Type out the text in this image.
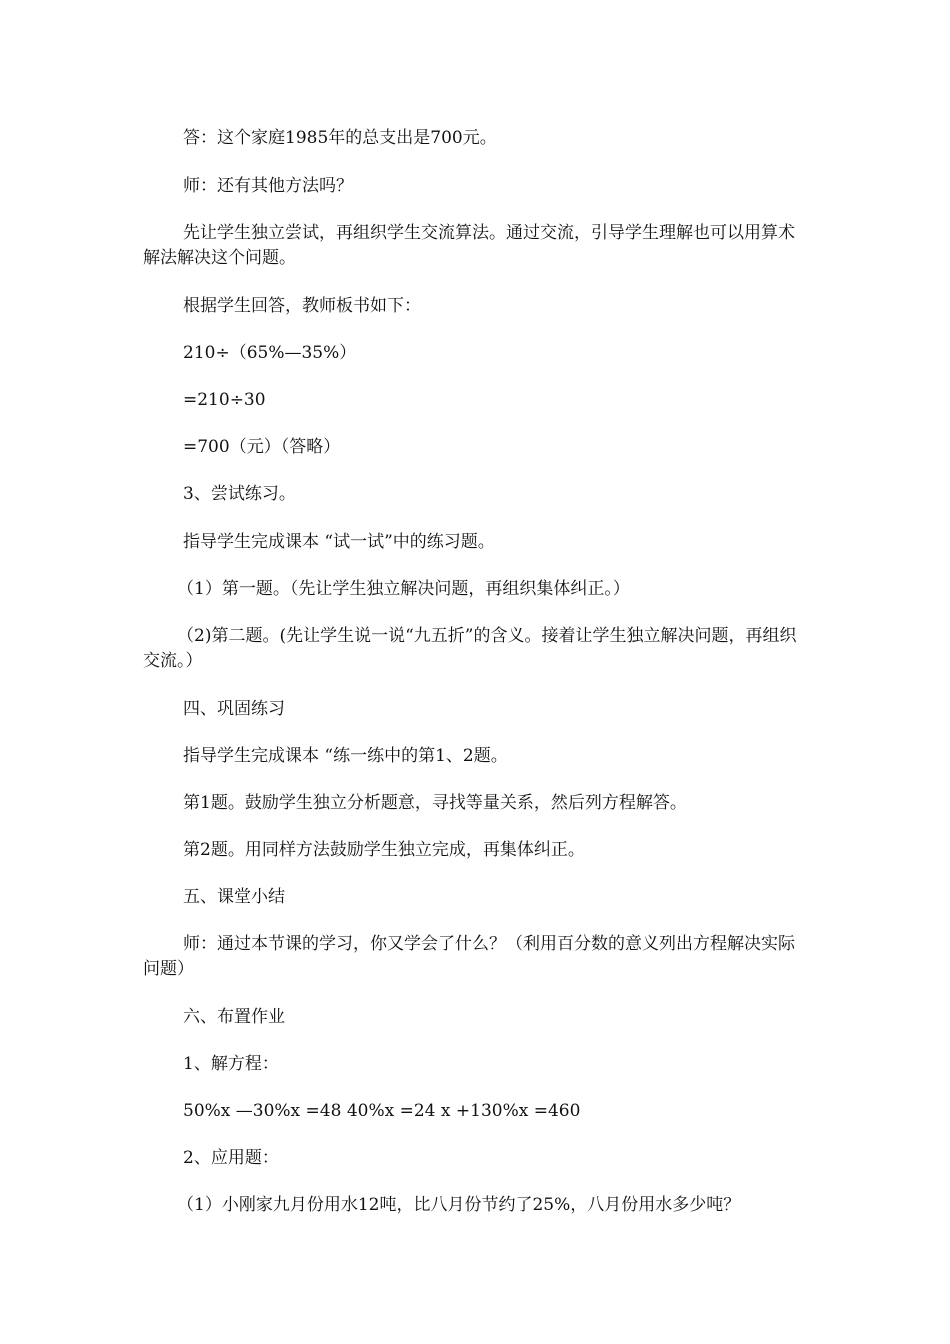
答：这个家庭1985年的总支出是700元。

师：还有其他方法吗？

先让学生独立尝试，再组织学生交流算法。通过交流，引导学生理解也可以用算术解法解决这个问题。

根据学生回答，教师板书如下：

210÷（65%—35%）

=210÷30

=700（元）（答略）

3、尝试练习。

指导学生完成课本 “试一试”中的练习题。

（1）第一题。（先让学生独立解决问题，再组织集体纠正。）

（2)第二题。(先让学生说一说“九五折”的含义。接着让学生独立解决问题，再组织交流。）

四、巩固练习

指导学生完成课本 “练一练中的第1、2题。

第1题。鼓励学生独立分析题意，寻找等量关系，然后列方程解答。

第2题。用同样方法鼓励学生独立完成，再集体纠正。

五、课堂小结

师：通过本节课的学习，你又学会了什么？（利用百分数的意义列出方程解决实际问题）

六、布置作业

1、解方程：

50%x —30%x =48 40%x =24 x +130%x =460

2、应用题：

（1）小刚家九月份用水12吨，比八月份节约了25%，八月份用水多少吨？
